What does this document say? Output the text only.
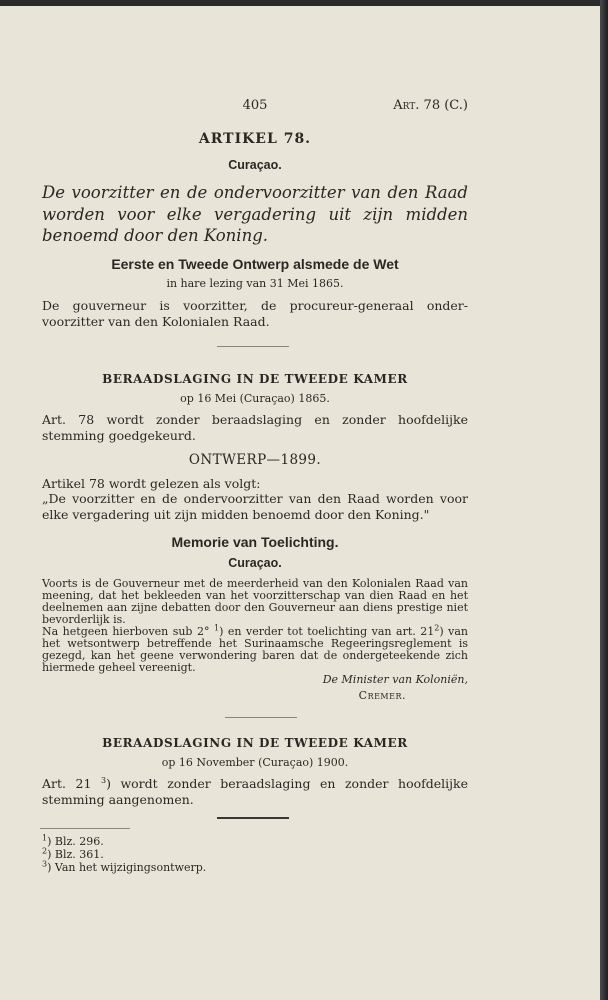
405	Art. 78 (C.)
ARTIKEL 78.
Curaçao.
De voorzitter en de ondervoorzitter van den Raad worden voor elke vergadering uit zijn midden benoemd door den Koning.
Eerste en Tweede Ontwerp alsmede de Wet
in hare lezing van 31 Mei 1865.
De gouverneur is voorzitter, de procureur-generaal onder-voorzitter van den Kolonialen Raad.
BERAADSLAGING IN DE TWEEDE KAMER
op 16 Mei (Curaçao) 1865.
Art. 78 wordt zonder beraadslaging en zonder hoofdelijke stemming goedgekeurd.
ONTWERP—1899.
Artikel 78 wordt gelezen als volgt:
„De voorzitter en de ondervoorzitter van den Raad worden voor elke vergadering uit zijn midden benoemd door den Koning."
Memorie van Toelichting.
Curaçao.
Voorts is de Gouverneur met de meerderheid van den Kolonialen Raad van meening, dat het bekleeden van het voorzitterschap van dien Raad en het deelnemen aan zijne debatten door den Gouverneur aan diens prestige niet bevorderlijk is.
Na hetgeen hierboven sub 2° $^1$) en verder tot toelichting van art. $21^2$) van het wetsontwerp betreffende het Surinaamsche Regeeringsreglement is gezegd, kan het geene verwondering baren dat de ondergeteekende zich hiermede geheel vereenigt.
De Minister van Koloniën,
Cremer.
BERAADSLAGING IN DE TWEEDE KAMER
op 16 November (Curaçao) 1900.
Art. 21 $^3$) wordt zonder beraadslaging en zonder hoofdelijke stemming aangenomen.
$^1$) Blz. 296.
$^2$) Blz. 361.
$^3$) Van het wijzigingsontwerp.
